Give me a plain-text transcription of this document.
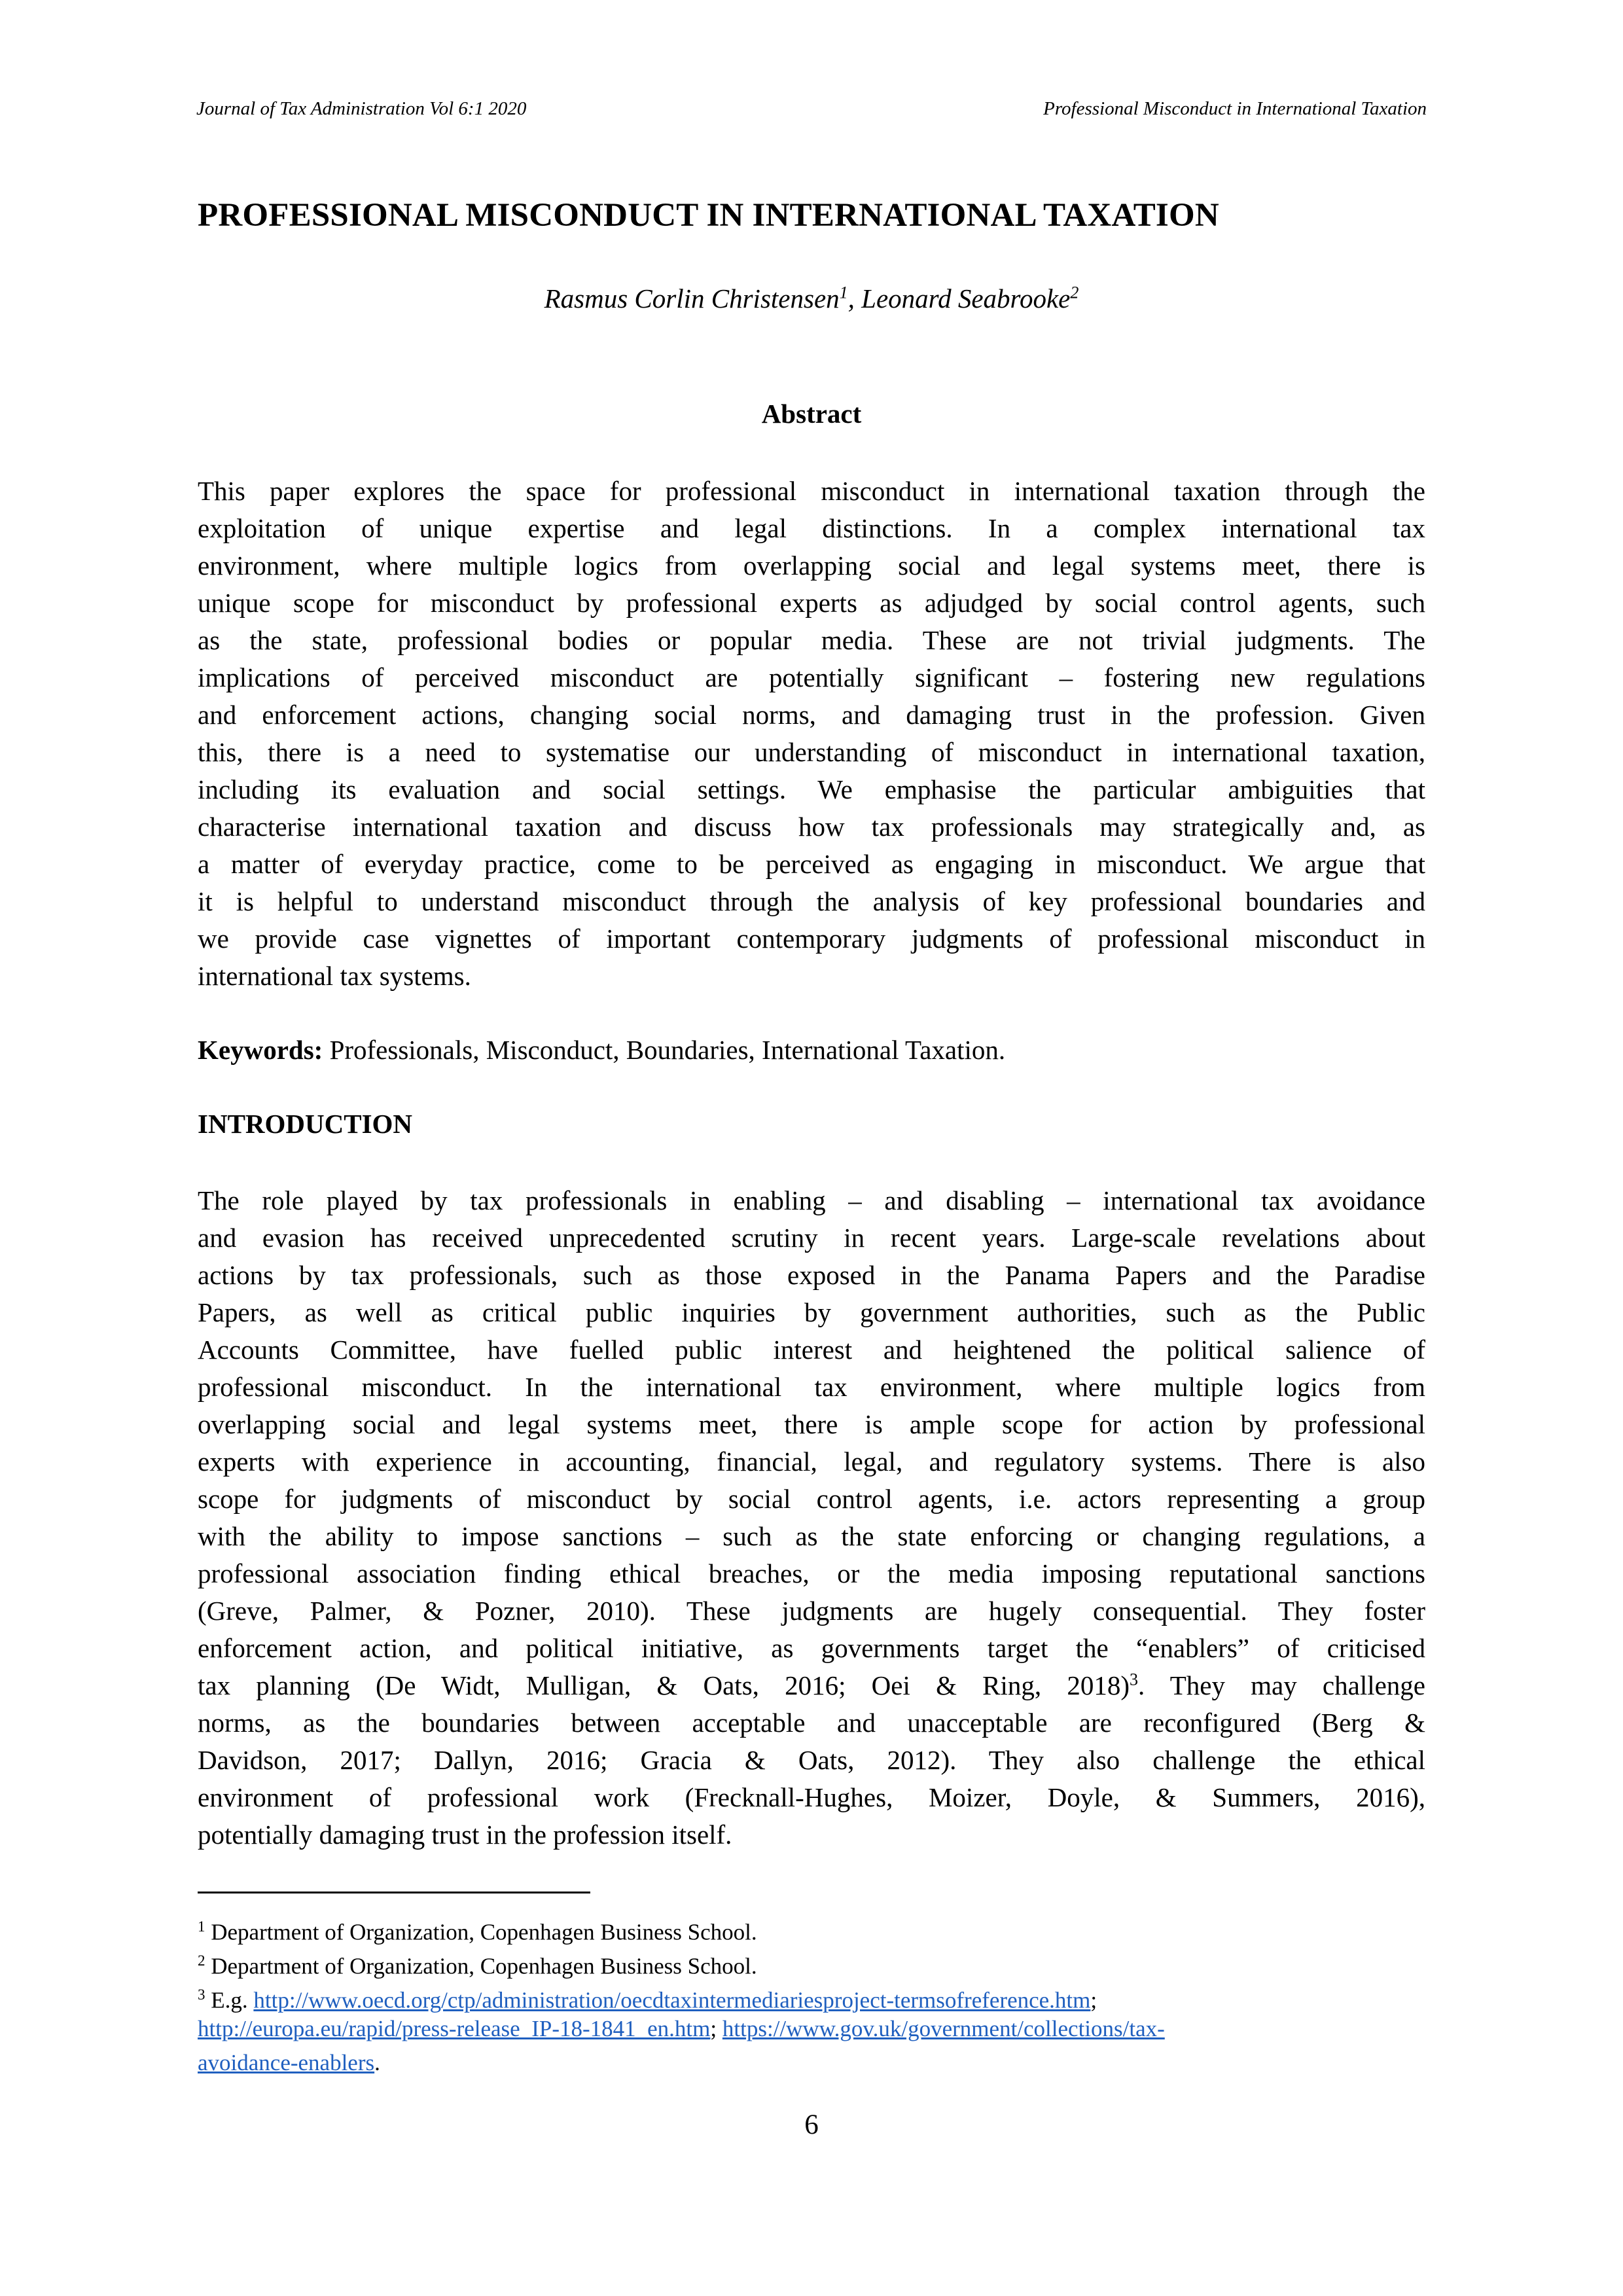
Journal of Tax Administration Vol 6:1 2020	Professional Misconduct in International Taxation
PROFESSIONAL MISCONDUCT IN INTERNATIONAL TAXATION
Rasmus Corlin Christensen$^1$, Leonard Seabrooke$^2$
Abstract
This paper explores the space for professional misconduct in international taxation through the
exploitation of unique expertise and legal distinctions. In a complex international tax
environment, where multiple logics from overlapping social and legal systems meet, there is
unique scope for misconduct by professional experts as adjudged by social control agents, such
as the state, professional bodies or popular media. These are not trivial judgments. The
implications of perceived misconduct are potentially significant – fostering new regulations
and enforcement actions, changing social norms, and damaging trust in the profession. Given
this, there is a need to systematise our understanding of misconduct in international taxation,
including its evaluation and social settings. We emphasise the particular ambiguities that
characterise international taxation and discuss how tax professionals may strategically and, as
a matter of everyday practice, come to be perceived as engaging in misconduct. We argue that
it is helpful to understand misconduct through the analysis of key professional boundaries and
we provide case vignettes of important contemporary judgments of professional misconduct in
international tax systems.
Keywords: Professionals, Misconduct, Boundaries, International Taxation.
INTRODUCTION
The role played by tax professionals in enabling – and disabling – international tax avoidance
and evasion has received unprecedented scrutiny in recent years. Large-scale revelations about
actions by tax professionals, such as those exposed in the Panama Papers and the Paradise
Papers, as well as critical public inquiries by government authorities, such as the Public
Accounts Committee, have fuelled public interest and heightened the political salience of
professional misconduct. In the international tax environment, where multiple logics from
overlapping social and legal systems meet, there is ample scope for action by professional
experts with experience in accounting, financial, legal, and regulatory systems. There is also
scope for judgments of misconduct by social control agents, i.e. actors representing a group
with the ability to impose sanctions – such as the state enforcing or changing regulations, a
professional association finding ethical breaches, or the media imposing reputational sanctions
(Greve, Palmer, & Pozner, 2010). These judgments are hugely consequential. They foster
enforcement action, and political initiative, as governments target the “enablers” of criticised
tax planning (De Widt, Mulligan, & Oats, 2016; Oei & Ring, 2018)$^3$. They may challenge
norms, as the boundaries between acceptable and unacceptable are reconfigured (Berg &
Davidson, 2017; Dallyn, 2016; Gracia & Oats, 2012). They also challenge the ethical
environment of professional work (Frecknall-Hughes, Moizer, Doyle, & Summers, 2016),
potentially damaging trust in the profession itself.
$^1$ Department of Organization, Copenhagen Business School.
$^2$ Department of Organization, Copenhagen Business School.
$^3$ E.g. http://www.oecd.org/ctp/administration/oecdtaxintermediariesproject-termsofreference.htm;
http://europa.eu/rapid/press-release_IP-18-1841_en.htm; https://www.gov.uk/government/collections/tax-
avoidance-enablers.
6
